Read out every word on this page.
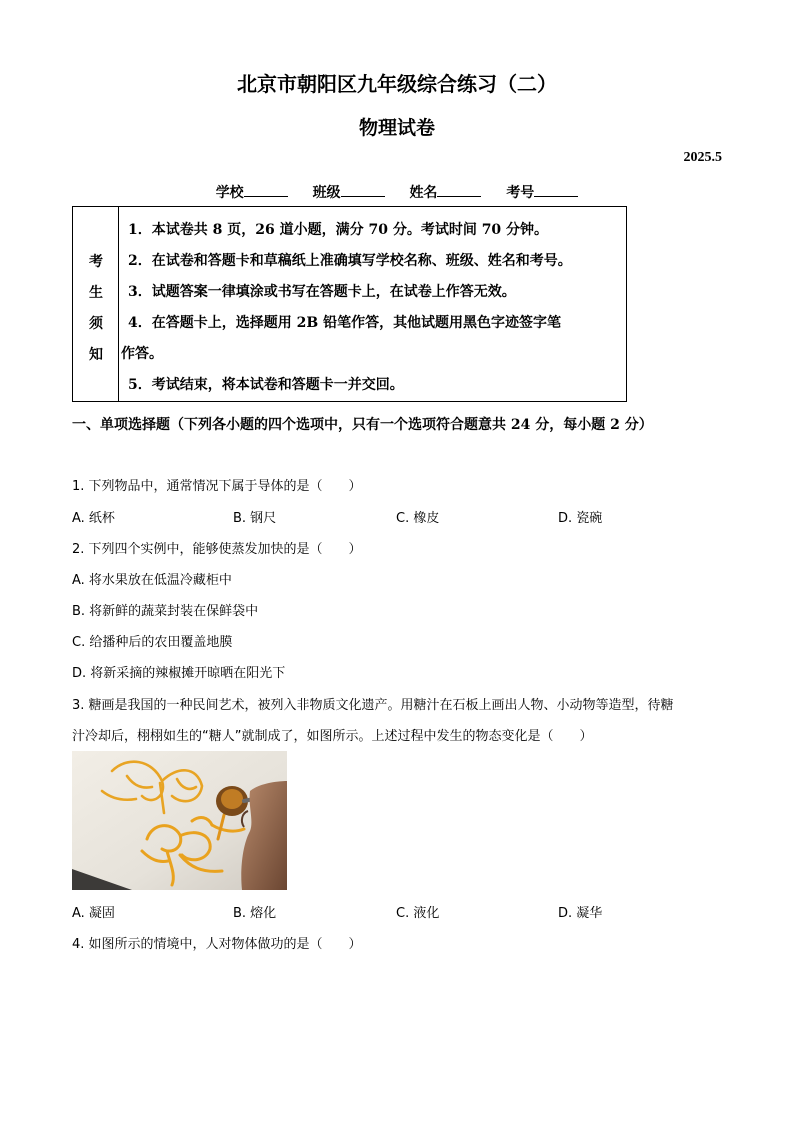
北京市朝阳区九年级综合练习（二）
物理试卷
2025.5
学校	班级	姓名	考号
考
生
须
知
1．本试卷共 8 页，26 道小题，满分 70 分。考试时间 70 分钟。
2．在试卷和答题卡和草稿纸上准确填写学校名称、班级、姓名和考号。
3．试题答案一律填涂或书写在答题卡上，在试卷上作答无效。
4．在答题卡上，选择题用 2B 铅笔作答，其他试题用黑色字迹签字笔
作答。
5．考试结束，将本试卷和答题卡一并交回。
一、单项选择题（下列各小题的四个选项中，只有一个选项符合题意共 24 分，每小题 2 分）
1. 下列物品中，通常情况下属于导体的是（　　）
A. 纸杯	B. 钢尺	C. 橡皮	D. 瓷碗
2. 下列四个实例中，能够使蒸发加快的是（　　）
A. 将水果放在低温冷藏柜中
B. 将新鲜的蔬菜封装在保鲜袋中
C. 给播种后的农田覆盖地膜
D. 将新采摘的辣椒摊开晾晒在阳光下
3. 糖画是我国的一种民间艺术，被列入非物质文化遗产。用糖汁在石板上画出人物、小动物等造型，待糖
汁冷却后，栩栩如生的“糖人”就制成了，如图所示。上述过程中发生的物态变化是（　　）
A. 凝固	B. 熔化	C. 液化	D. 凝华
4. 如图所示的情境中，人对物体做功的是（　　）
